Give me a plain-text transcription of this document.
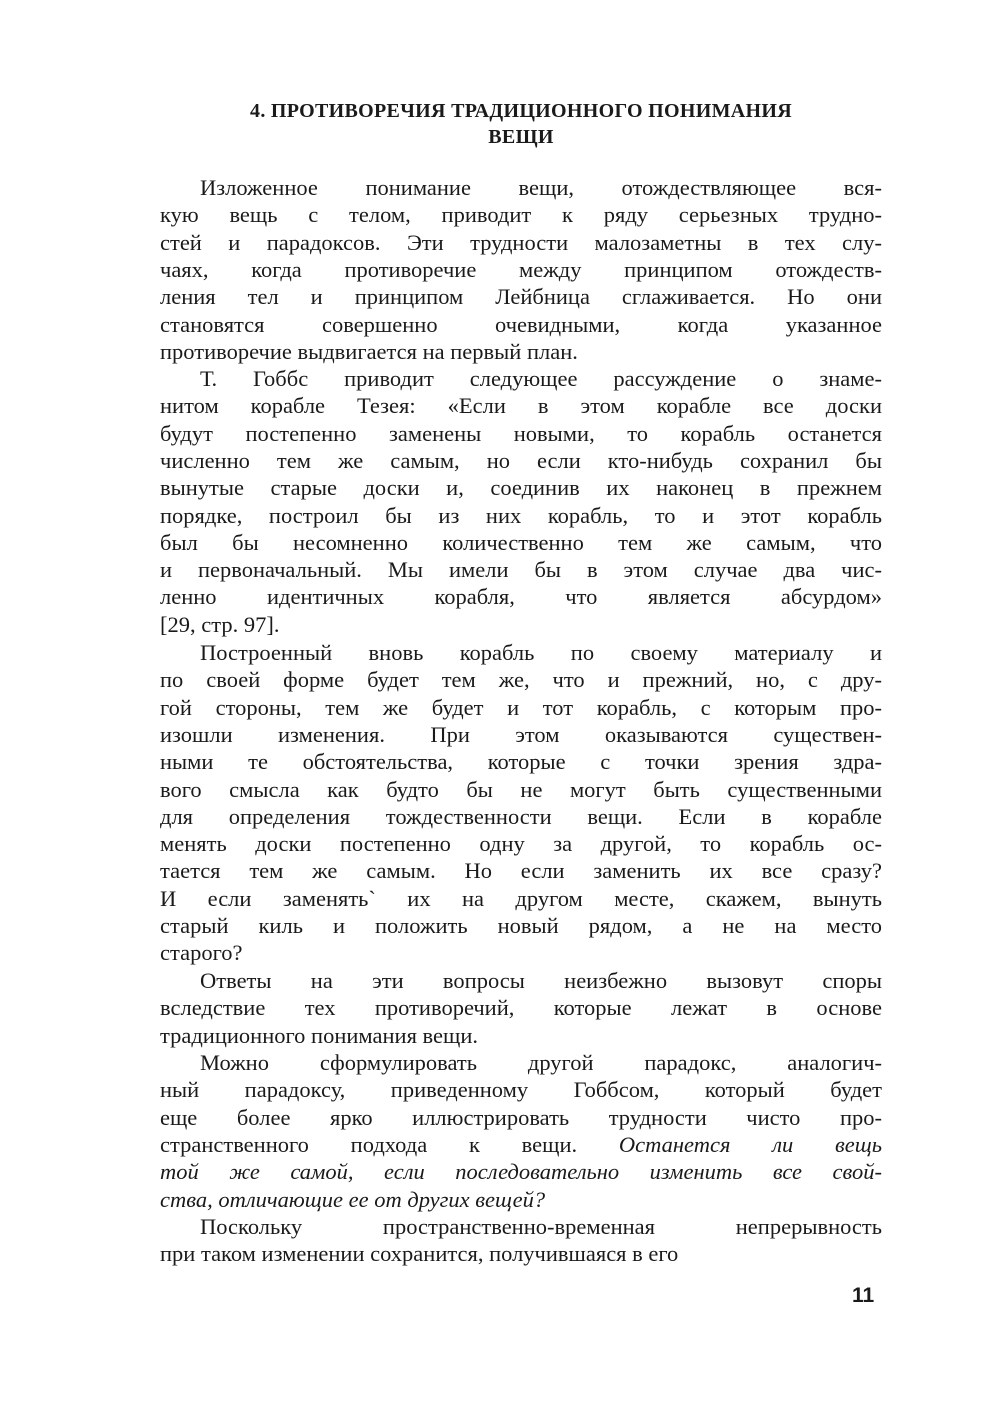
4. ПРОТИВОРЕЧИЯ ТРАДИЦИОННОГО ПОНИМАНИЯ
ВЕЩИ
Изложенное понимание вещи, отождествляющее вся-
кую вещь с телом, приводит к ряду серьезных трудно-
стей и парадоксов. Эти трудности малозаметны в тех слу-
чаях, когда противоречие между принципом отождеств-
ления тел и принципом Лейбница сглаживается. Но они
становятся совершенно очевидными, когда указанное
противоречие выдвигается на первый план.
Т. Гоббс приводит следующее рассуждение о знаме-
нитом корабле Тезея: «Если в этом корабле все доски
будут постепенно заменены новыми, то корабль останется
численно тем же самым, но если кто-нибудь сохранил бы
вынутые старые доски и, соединив их наконец в прежнем
порядке, построил бы из них корабль, то и этот корабль
был бы несомненно количественно тем же самым, что
и первоначальный. Мы имели бы в этом случае два чис-
ленно идентичных корабля, что является абсурдом»
[29, стр. 97].
Построенный вновь корабль по своему материалу и
по своей форме будет тем же, что и прежний, но, с дру-
гой стороны, тем же будет и тот корабль, с которым про-
изошли изменения. При этом оказываются существен-
ными те обстоятельства, которые с точки зрения здра-
вого смысла как будто бы не могут быть существенными
для определения тождественности вещи. Если в корабле
менять доски постепенно одну за другой, то корабль ос-
тается тем же самым. Но если заменить их все сразу?
И если заменять` их на другом месте, скажем, вынуть
старый киль и положить новый рядом, а не на место
старого?
Ответы на эти вопросы неизбежно вызовут споры
вследствие тех противоречий, которые лежат в основе
традиционного понимания вещи.
Можно сформулировать другой парадокс, аналогич-
ный парадоксу, приведенному Гоббсом, который будет
еще более ярко иллюстрировать трудности чисто про-
странственного подхода к вещи. Останется ли вещь
той же самой, если последовательно изменить все свой-
ства, отличающие ее от других вещей?
Поскольку пространственно-временная непрерывность
при таком изменении сохранится, получившаяся в его
11
